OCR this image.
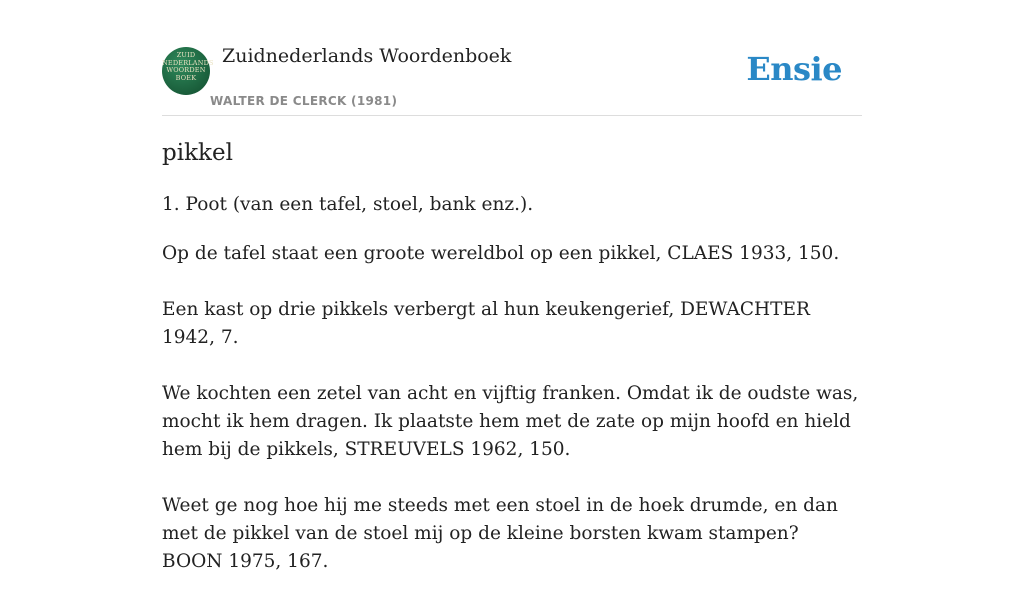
ZUID
NEDERLANDS
WOORDEN
BOEK
Zuidnederlands Woordenboek
WALTER DE CLERCK (1981)
Ensie
pikkel
1. Poot (van een tafel, stoel, bank enz.).

Op de tafel staat een groote wereldbol op een pikkel, CLAES 1933, 150.

Een kast op drie pikkels verbergt al hun keukengerief, DEWACHTER 1942, 7.

We kochten een zetel van acht en vijftig franken. Omdat ik de oudste was, mocht ik hem dragen. Ik plaatste hem met de zate op mijn hoofd en hield hem bij de pikkels, STREUVELS 1962, 150.

Weet ge nog hoe hij me steeds met een stoel in de hoek drumde, en dan met de pikkel van de stoel mij op de kleine borsten kwam stampen? BOON 1975, 167.
